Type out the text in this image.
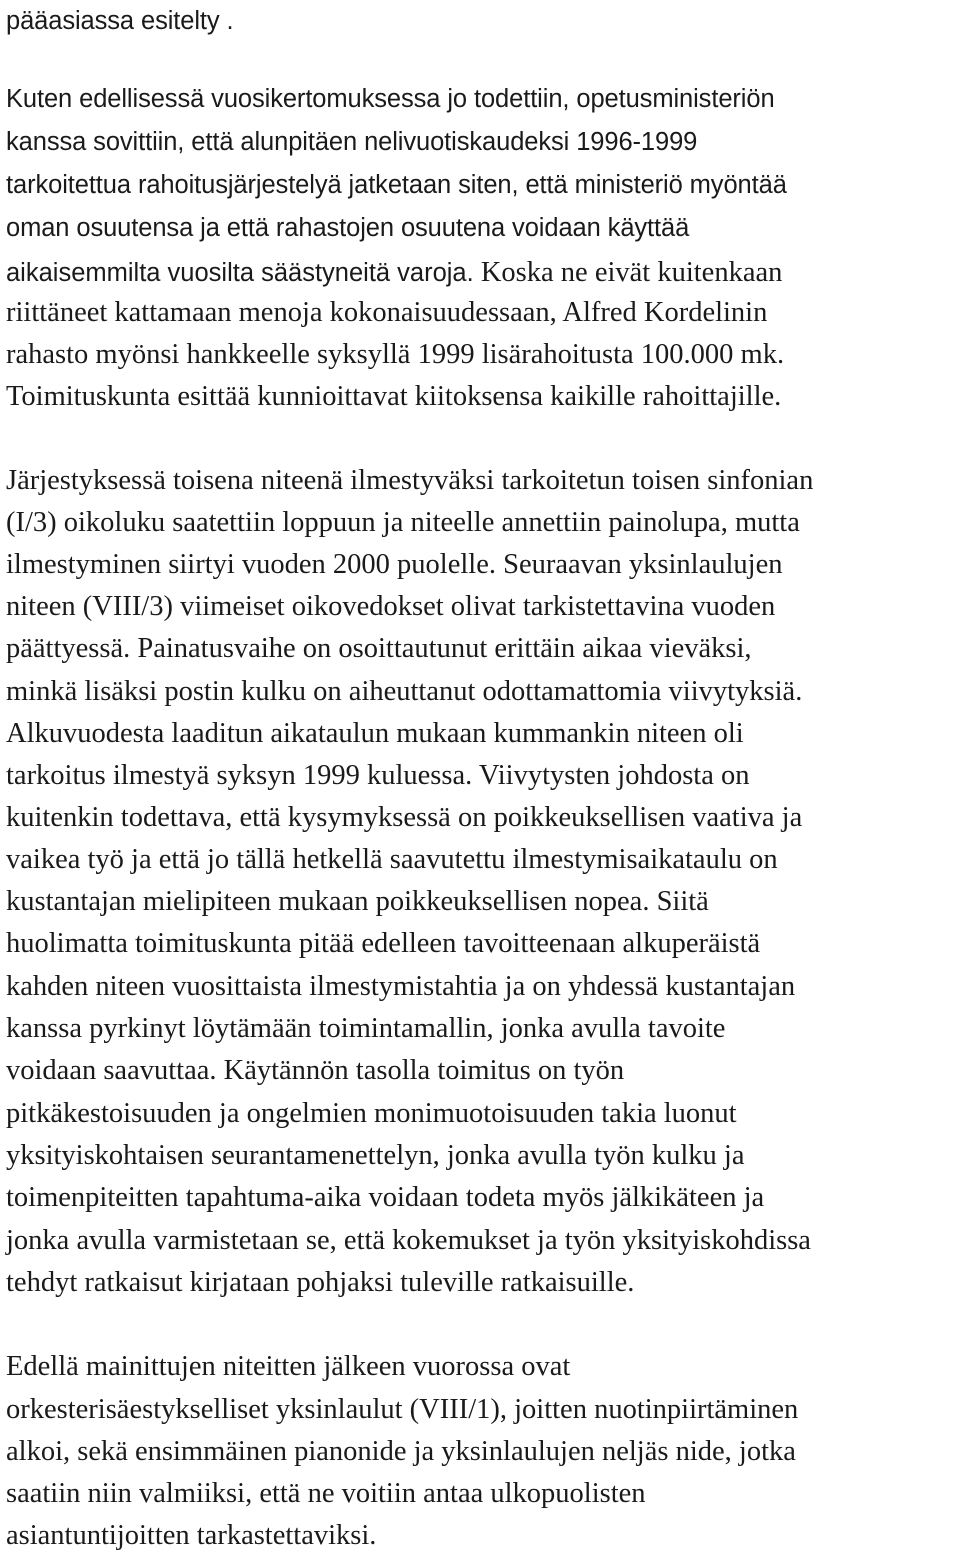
pääasiassa esitelty .
Kuten edellisessä vuosikertomuksessa jo todettiin, opetusministeriön
kanssa sovittiin, että alunpitäen nelivuotiskaudeksi 1996-1999
tarkoitettua rahoitusjärjestelyä jatketaan siten, että ministeriö myöntää
oman osuutensa ja että rahastojen osuutena voidaan käyttää
aikaisemmilta vuosilta säästyneitä varoja. Koska ne eivät kuitenkaan
riittäneet kattamaan menoja kokonaisuudessaan, Alfred Kordelinin
rahasto myönsi hankkeelle syksyllä 1999 lisärahoitusta 100.000 mk.
Toimituskunta esittää kunnioittavat kiitoksensa kaikille rahoittajille.
Järjestyksessä toisena niteenä ilmestyväksi tarkoitetun toisen sinfonian
(I/3) oikoluku saatettiin loppuun ja niteelle annettiin painolupa, mutta
ilmestyminen siirtyi vuoden 2000 puolelle. Seuraavan yksinlaulujen
niteen (VIII/3) viimeiset oikovedokset olivat tarkistettavina vuoden
päättyessä. Painatusvaihe on osoittautunut erittäin aikaa vieväksi,
minkä lisäksi postin kulku on aiheuttanut odottamattomia viivytyksiä.
Alkuvuodesta laaditun aikataulun mukaan kummankin niteen oli
tarkoitus ilmestyä syksyn 1999 kuluessa. Viivytysten johdosta on
kuitenkin todettava, että kysymyksessä on poikkeuksellisen vaativa ja
vaikea työ ja että jo tällä hetkellä saavutettu ilmestymisaikataulu on
kustantajan mielipiteen mukaan poikkeuksellisen nopea. Siitä
huolimatta toimituskunta pitää edelleen tavoitteenaan alkuperäistä
kahden niteen vuosittaista ilmestymistahtia ja on yhdessä kustantajan
kanssa pyrkinyt löytämään toimintamallin, jonka avulla tavoite
voidaan saavuttaa. Käytännön tasolla toimitus on työn
pitkäkestoisuuden ja ongelmien monimuotoisuuden takia luonut
yksityiskohtaisen seurantamenettelyn, jonka avulla työn kulku ja
toimenpiteitten tapahtuma-aika voidaan todeta myös jälkikäteen ja
jonka avulla varmistetaan se, että kokemukset ja työn yksityiskohdissa
tehdyt ratkaisut kirjataan pohjaksi tuleville ratkaisuille.
Edellä mainittujen niteitten jälkeen vuorossa ovat
orkesterisäestykselliset yksinlaulut (VIII/1), joitten nuotinpiirtäminen
alkoi, sekä ensimmäinen pianonide ja yksinlaulujen neljäs nide, jotka
saatiin niin valmiiksi, että ne voitiin antaa ulkopuolisten
asiantuntijoitten tarkastettaviksi.
